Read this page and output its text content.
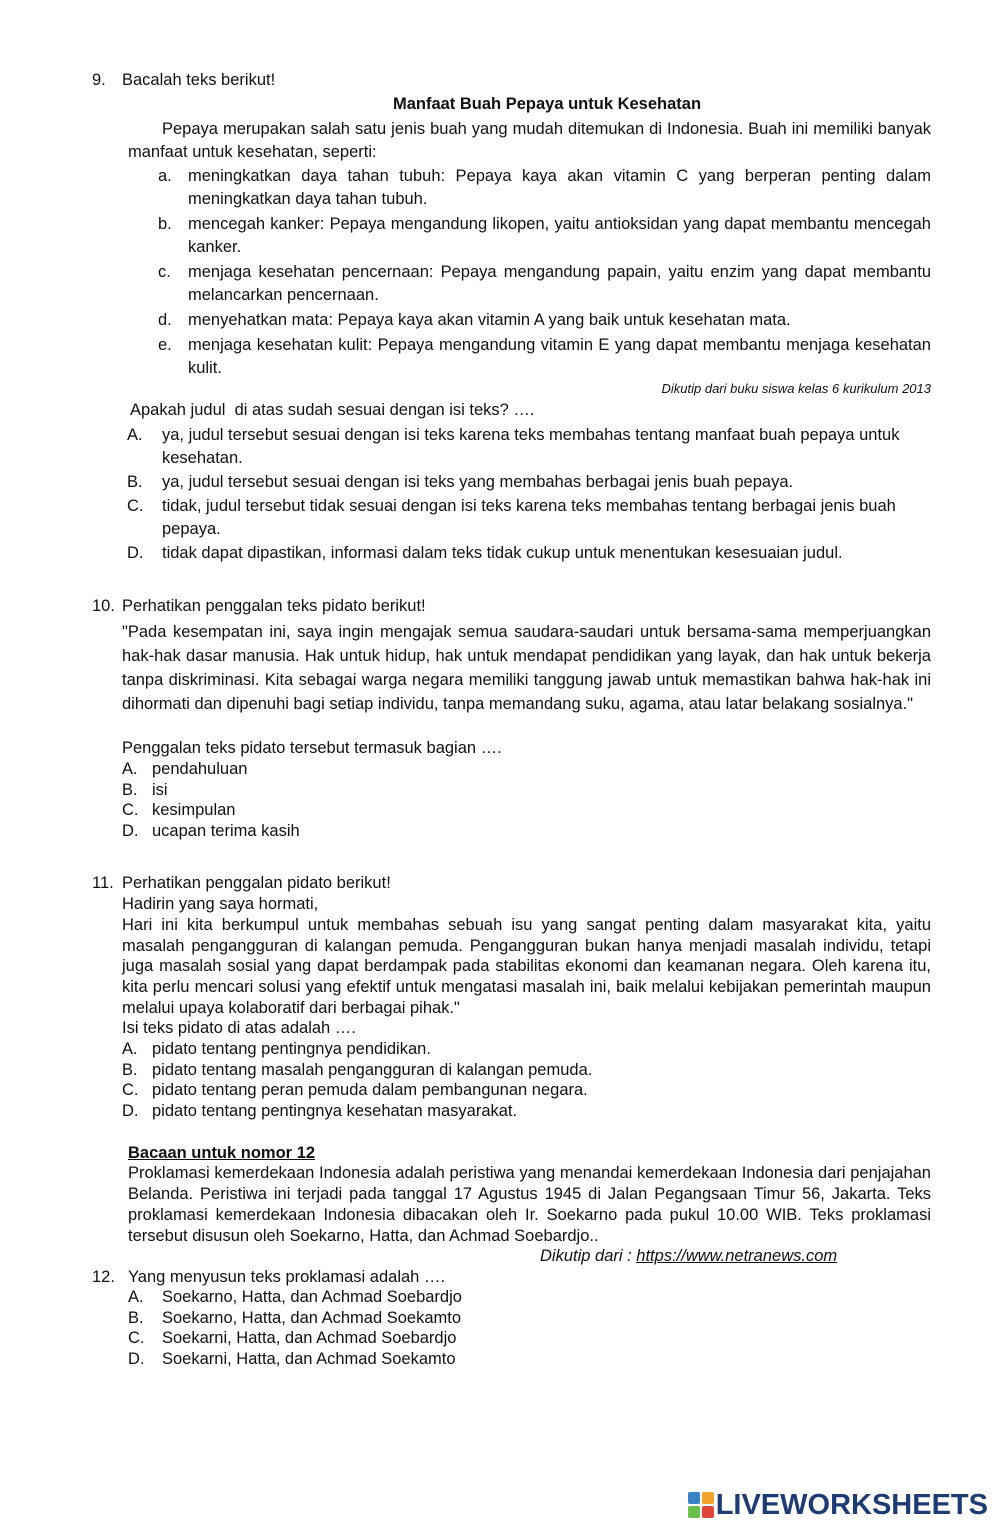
9. Bacalah teks berikut!
Manfaat Buah Pepaya untuk Kesehatan
Pepaya merupakan salah satu jenis buah yang mudah ditemukan di Indonesia. Buah ini memiliki banyak manfaat untuk kesehatan, seperti:
a. meningkatkan daya tahan tubuh: Pepaya kaya akan vitamin C yang berperan penting dalam meningkatkan daya tahan tubuh.
b. mencegah kanker: Pepaya mengandung likopen, yaitu antioksidan yang dapat membantu mencegah kanker.
c.	menjaga kesehatan pencernaan: Pepaya mengandung papain, yaitu enzim yang dapat membantu melancarkan pencernaan.
d. menyehatkan mata: Pepaya kaya akan vitamin A yang baik untuk kesehatan mata.
e. menjaga kesehatan kulit: Pepaya mengandung vitamin E yang dapat membantu menjaga kesehatan kulit.
Dikutip dari buku siswa kelas 6 kurikulum 2013
Apakah judul  di atas sudah sesuai dengan isi teks? ….
A.	ya, judul tersebut sesuai dengan isi teks karena teks membahas tentang manfaat buah pepaya untuk kesehatan.
B.	ya, judul tersebut sesuai dengan isi teks yang membahas berbagai jenis buah pepaya.
C.	tidak, judul tersebut tidak sesuai dengan isi teks karena teks membahas tentang berbagai jenis buah pepaya.
D.	tidak dapat dipastikan, informasi dalam teks tidak cukup untuk menentukan kesesuaian judul.
10. Perhatikan penggalan teks pidato berikut!
"Pada kesempatan ini, saya ingin mengajak semua saudara-saudari untuk bersama-sama memperjuangkan hak-hak dasar manusia. Hak untuk hidup, hak untuk mendapat pendidikan yang layak, dan hak untuk bekerja tanpa diskriminasi. Kita sebagai warga negara memiliki tanggung jawab untuk memastikan bahwa hak-hak ini dihormati dan dipenuhi bagi setiap individu, tanpa memandang suku, agama, atau latar belakang sosialnya."
Penggalan teks pidato tersebut termasuk bagian ….
A. pendahuluan
B. isi
C. kesimpulan
D. ucapan terima kasih
11. Perhatikan penggalan pidato berikut!
Hadirin yang saya hormati,
Hari ini kita berkumpul untuk membahas sebuah isu yang sangat penting dalam masyarakat kita, yaitu masalah pengangguran di kalangan pemuda. Pengangguran bukan hanya menjadi masalah individu, tetapi juga masalah sosial yang dapat berdampak pada stabilitas ekonomi dan keamanan negara. Oleh karena itu, kita perlu mencari solusi yang efektif untuk mengatasi masalah ini, baik melalui kebijakan pemerintah maupun melalui upaya kolaboratif dari berbagai pihak."
Isi teks pidato di atas adalah ….
A. pidato tentang pentingnya pendidikan.
B. pidato tentang masalah pengangguran di kalangan pemuda.
C. pidato tentang peran pemuda dalam pembangunan negara.
D. pidato tentang pentingnya kesehatan masyarakat.
Bacaan untuk nomor 12
Proklamasi kemerdekaan Indonesia adalah peristiwa yang menandai kemerdekaan Indonesia dari penjajahan Belanda. Peristiwa ini terjadi pada tanggal 17 Agustus 1945 di Jalan Pegangsaan Timur 56, Jakarta. Teks proklamasi kemerdekaan Indonesia dibacakan oleh Ir. Soekarno pada pukul 10.00 WIB. Teks proklamasi tersebut disusun oleh Soekarno, Hatta, dan Achmad Soebardjo..
Dikutip dari : https://www.netranews.com
12. Yang menyusun teks proklamasi adalah ….
A. Soekarno, Hatta, dan Achmad Soebardjo
B. Soekarno, Hatta, dan Achmad Soekamto
C. Soekarni, Hatta, dan Achmad Soebardjo
D. Soekarni, Hatta, dan Achmad Soekamto
LIVEWORKSHEETS
